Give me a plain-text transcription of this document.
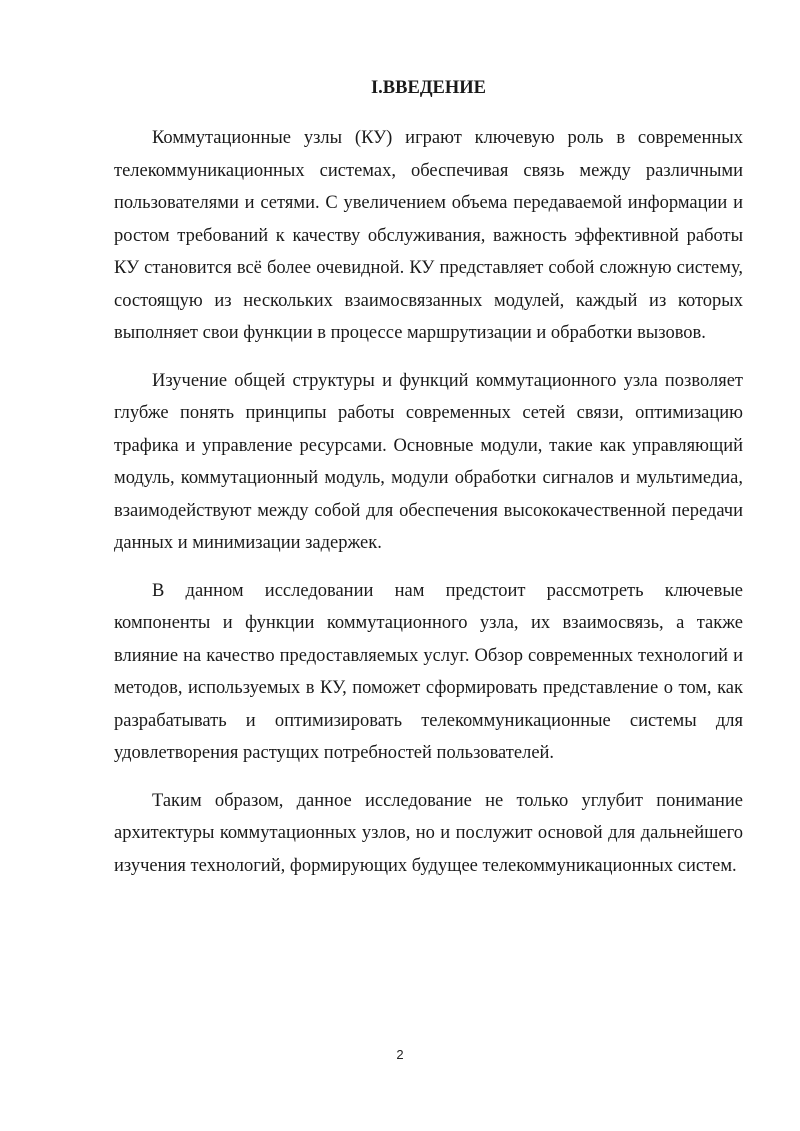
I.ВВЕДЕНИЕ

Коммутационные узлы (КУ) играют ключевую роль в современных телекоммуникационных системах, обеспечивая связь между различными пользователями и сетями. С увеличением объема передаваемой информации и ростом требований к качеству обслуживания, важность эффективной работы КУ становится всё более очевидной. КУ представляет собой сложную систему, состоящую из нескольких взаимосвязанных модулей, каждый из которых выполняет свои функции в процессе маршрутизации и обработки вызовов.

Изучение общей структуры и функций коммутационного узла позволяет глубже понять принципы работы современных сетей связи, оптимизацию трафика и управление ресурсами. Основные модули, такие как управляющий модуль, коммутационный модуль, модули обработки сигналов и мультимедиа, взаимодействуют между собой для обеспечения высококачественной передачи данных и минимизации задержек.

В данном исследовании нам предстоит рассмотреть ключевые компоненты и функции коммутационного узла, их взаимосвязь, а также влияние на качество предоставляемых услуг. Обзор современных технологий и методов, используемых в КУ, поможет сформировать представление о том, как разрабатывать и оптимизировать телекоммуникационные системы для удовлетворения растущих потребностей пользователей.

Таким образом, данное исследование не только углубит понимание архитектуры коммутационных узлов, но и послужит основой для дальнейшего изучения технологий, формирующих будущее телекоммуникационных систем.

2
